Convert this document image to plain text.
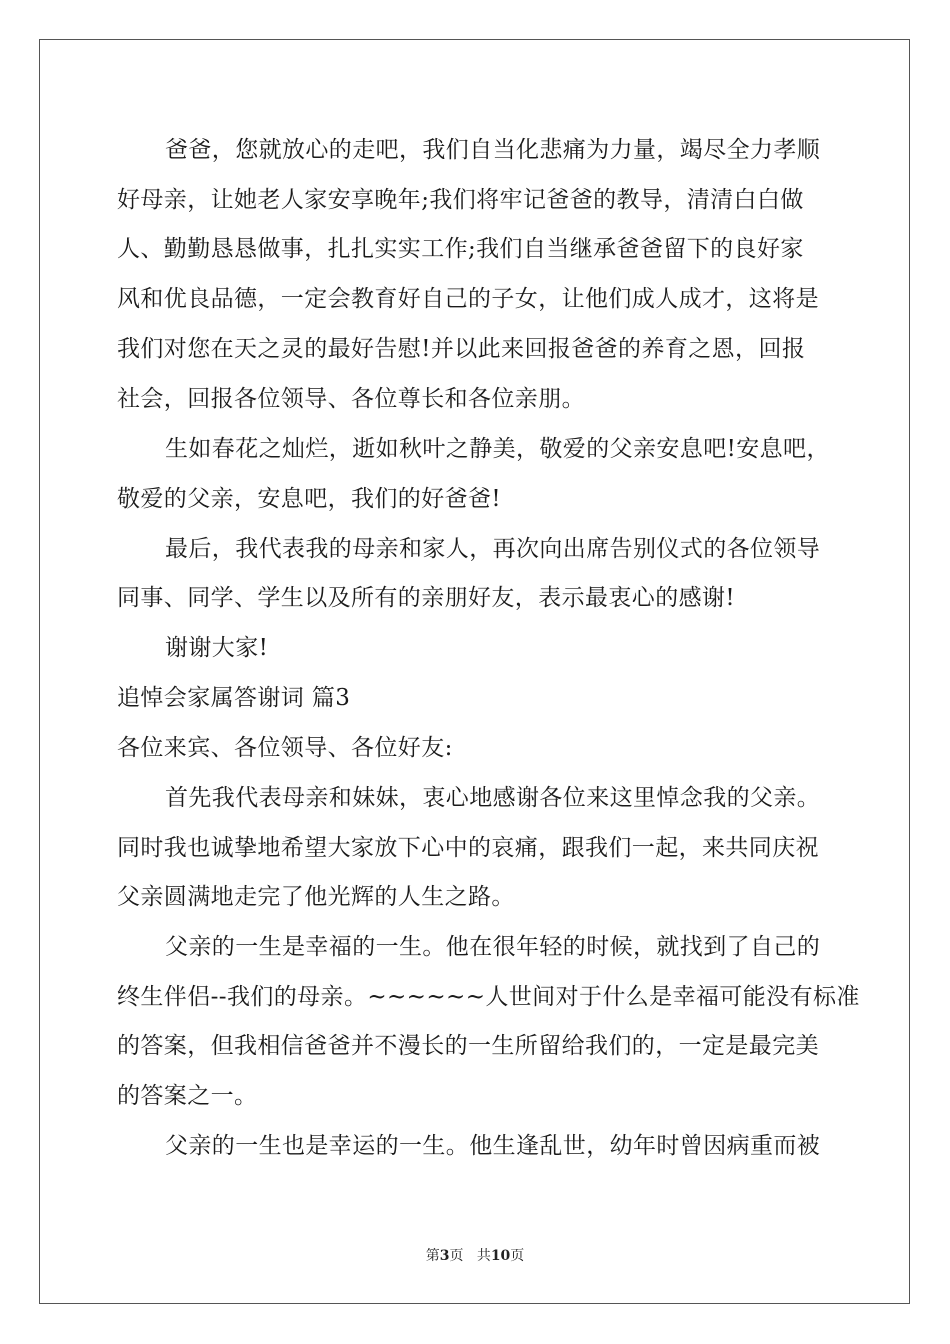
爸爸，您就放心的走吧，我们自当化悲痛为力量，竭尽全力孝顺
好母亲，让她老人家安享晚年;我们将牢记爸爸的教导，清清白白做
人、勤勤恳恳做事，扎扎实实工作;我们自当继承爸爸留下的良好家
风和优良品德，一定会教育好自己的子女，让他们成人成才，这将是
我们对您在天之灵的最好告慰!并以此来回报爸爸的养育之恩，回报
社会，回报各位领导、各位尊长和各位亲朋。
生如春花之灿烂，逝如秋叶之静美，敬爱的父亲安息吧!安息吧，
敬爱的父亲，安息吧，我们的好爸爸!
最后，我代表我的母亲和家人，再次向出席告别仪式的各位领导
同事、同学、学生以及所有的亲朋好友，表示最衷心的感谢!
谢谢大家!
追悼会家属答谢词 篇3
各位来宾、各位领导、各位好友:
首先我代表母亲和妹妹，衷心地感谢各位来这里悼念我的父亲。
同时我也诚挚地希望大家放下心中的哀痛，跟我们一起，来共同庆祝
父亲圆满地走完了他光辉的人生之路。
父亲的一生是幸福的一生。他在很年轻的时候，就找到了自己的
终生伴侣--我们的母亲。~~~~~~人世间对于什么是幸福可能没有标准
的答案，但我相信爸爸并不漫长的一生所留给我们的，一定是最完美
的答案之一。
父亲的一生也是幸运的一生。他生逢乱世，幼年时曾因病重而被
第3页 共10页
